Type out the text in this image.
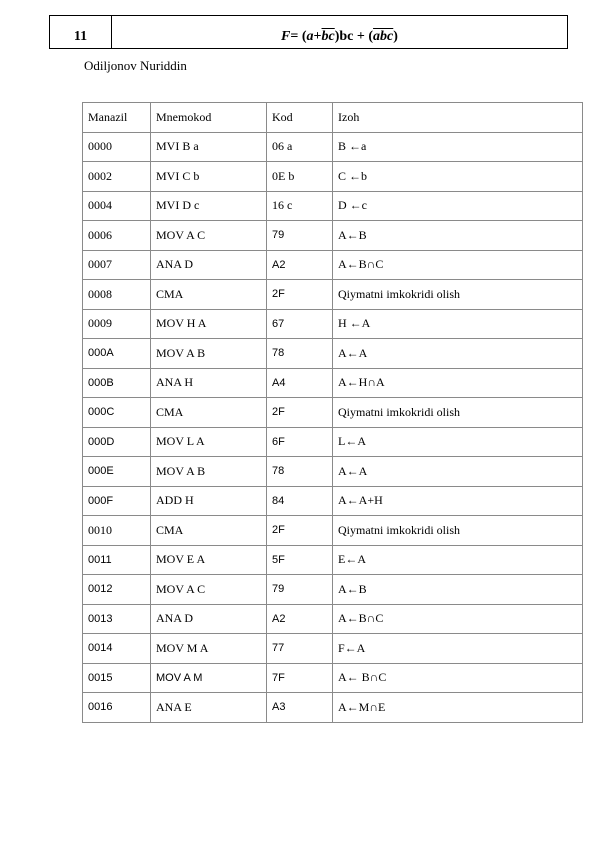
11	F = ( $a + \overline{bc}$ )bc + ( $\overline{abc}$ )
Odiljonov Nuriddin
Manazil	Mnemokod	Kod	Izoh
0000	MVI B a	06 a	B ←a
0002	MVI C b	0E b	C ←b
0004	MVI D c	16 c	D ←c
0006	MOV A C	79	A←B
0007	ANA D	A2	A←B∩C
0008	CMA	2F	Qiymatni imkokridi olish
0009	MOV H A	67	H ←A
000A	MOV A B	78	A←A
000B	ANA H	A4	A←H∩A
000C	CMA	2F	Qiymatni imkokridi olish
000D	MOV L A	6F	L←A
000E	MOV A B	78	A←A
000F	ADD H	84	A←A+H
0010	CMA	2F	Qiymatni imkokridi olish
0011	MOV E A	5F	E←A
0012	MOV A C	79	A←B
0013	ANA D	A2	A←B∩C
0014	MOV M A	77	F←A
0015	MOV A M	7F	A← B∩C
0016	ANA E	A3	A←M∩E
